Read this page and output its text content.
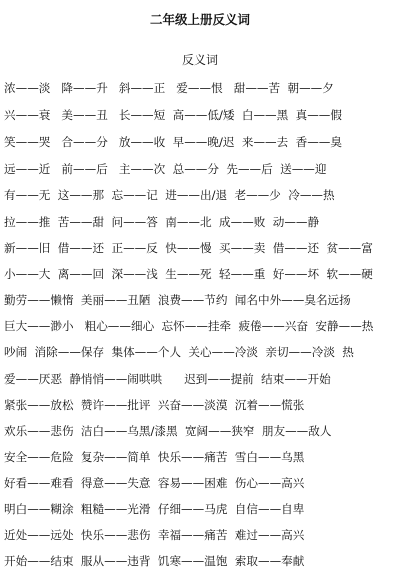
二年级上册反义词
反义词
浓——淡   降——升   斜——正   爱——恨   甜——苦  朝——夕
兴——衰   美——丑   长——短  高——低/矮  白——黑  真——假
笑——哭   合——分   放——收  早——晚/迟  来——去  香——臭
远——近   前——后   主——次  总——分  先——后  送——迎
有——无  这——那  忘——记  进——出/退  老——少  冷——热
拉——推  苦——甜  问——答  南——北  成——败  动——静
新——旧  借——还  正——反  快——慢  买——卖  借——还  贫——富
小——大  离——回  深——浅  生——死  轻——重  好——坏  软——硬
勤劳——懒惰  美丽——丑陋  浪费——节约  闻名中外——臭名远扬
巨大——渺小   粗心——细心  忘怀——挂牵  疲倦——兴奋  安静——热
吵闹  消除——保存  集体——个人  关心——冷淡  亲切——冷淡  热
爱——厌恶  静悄悄——闹哄哄      迟到——提前  结束——开始
紧张——放松  赞许——批评  兴奋——淡漠  沉着——慌张
欢乐——悲伤  洁白——乌黑/漆黑  宽阔——狭窄  朋友——敌人
安全——危险  复杂——简单  快乐——痛苦  雪白——乌黑
好看——难看  得意——失意  容易——困难  伤心——高兴
明白——糊涂  粗糙——光滑  仔细——马虎  自信——自卑
近处——远处  快乐——悲伤  幸福——痛苦  难过——高兴
开始——结束  服从——违背  饥寒——温饱  索取——奉献
